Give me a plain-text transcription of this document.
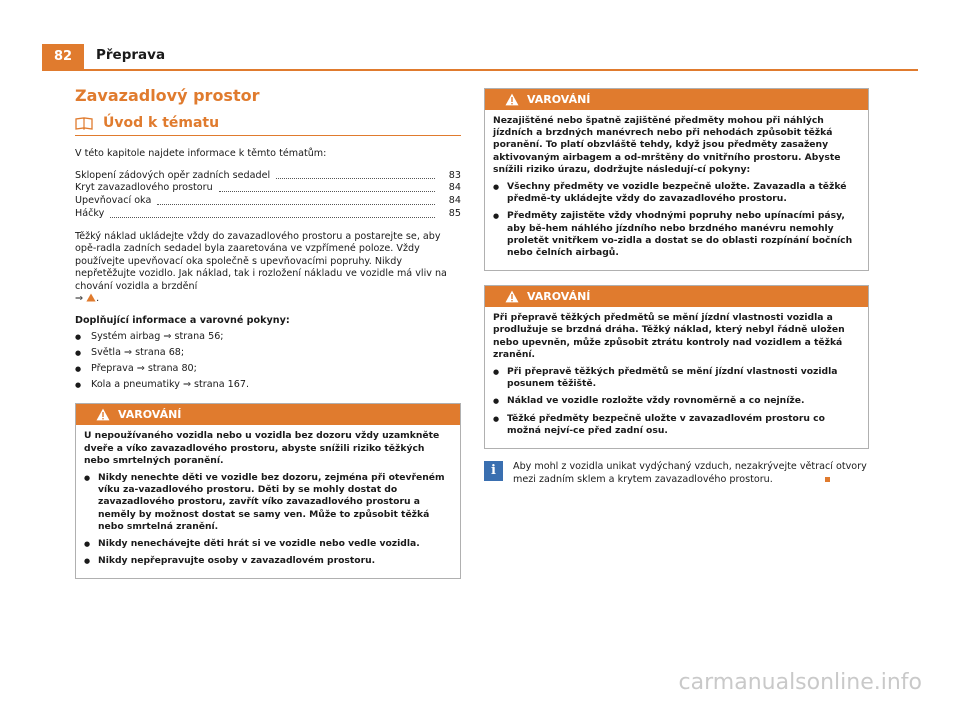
82	Přeprava
Zavazadlový prostor
Úvod k tématu
V této kapitole najdete informace k těmto tématům:
Sklopení zádových opěr zadních sedadel	83
Kryt zavazadlového prostoru	84
Upevňovací oka	84
Háčky	85
Těžký náklad ukládejte vždy do zavazadlového prostoru a postarejte se, aby opě-radla zadních sedadel byla zaaretována ve vzpřímené poloze. Vždy používejte upevňovací oka společně s upevňovacími popruhy. Nikdy nepřetěžujte vozidlo. Jak náklad, tak i rozložení nákladu ve vozidle má vliv na chování vozidla a brzdění
⇒ .
Doplňující informace a varovné pokyny:
● Systém airbag ⇒ strana 56;
● Světla ⇒ strana 68;
● Přeprava ⇒ strana 80;
● Kola a pneumatiky ⇒ strana 167.
VAROVÁNÍ
U nepoužívaného vozidla nebo u vozidla bez dozoru vždy uzamkněte dveře a víko zavazadlového prostoru, abyste snížili riziko těžkých nebo smrtelných poranění.
● Nikdy nenechte děti ve vozidle bez dozoru, zejména při otevřeném víku za-vazadlového prostoru. Děti by se mohly dostat do zavazadlového prostoru, zavřít víko zavazadlového prostoru a neměly by možnost dostat se samy ven. Může to způsobit těžká nebo smrtelná zranění.
● Nikdy nenechávejte děti hrát si ve vozidle nebo vedle vozidla.
● Nikdy nepřepravujte osoby v zavazadlovém prostoru.
VAROVÁNÍ
Nezajištěné nebo špatně zajištěné předměty mohou při náhlých jízdních a brzdných manévrech nebo při nehodách způsobit těžká poranění. To platí obzvláště tehdy, když jsou předměty zasaženy aktivovaným airbagem a od-mrštěny do vnitřního prostoru. Abyste snížili riziko úrazu, dodržujte následují-cí pokyny:
● Všechny předměty ve vozidle bezpečně uložte. Zavazadla a těžké předmě-ty ukládejte vždy do zavazadlového prostoru.
● Předměty zajistěte vždy vhodnými popruhy nebo upínacími pásy, aby bě-hem náhlého jízdního nebo brzdného manévru nemohly proletět vnitřkem vo-zidla a dostat se do oblasti rozpínání bočních nebo čelních airbagů.
VAROVÁNÍ
Při přepravě těžkých předmětů se mění jízdní vlastnosti vozidla a prodlužuje se brzdná dráha. Těžký náklad, který nebyl řádně uložen nebo upevněn, může způsobit ztrátu kontroly nad vozidlem a těžká zranění.
● Při přepravě těžkých předmětů se mění jízdní vlastnosti vozidla posunem těžiště.
● Náklad ve vozidle rozložte vždy rovnoměrně a co nejníže.
● Těžké předměty bezpečně uložte v zavazadlovém prostoru co možná nejví-ce před zadní osu.
i	Aby mohl z vozidla unikat vydýchaný vzduch, nezakrývejte větrací otvory mezi zadním sklem a krytem zavazadlového prostoru.
carmanualsonline.info
